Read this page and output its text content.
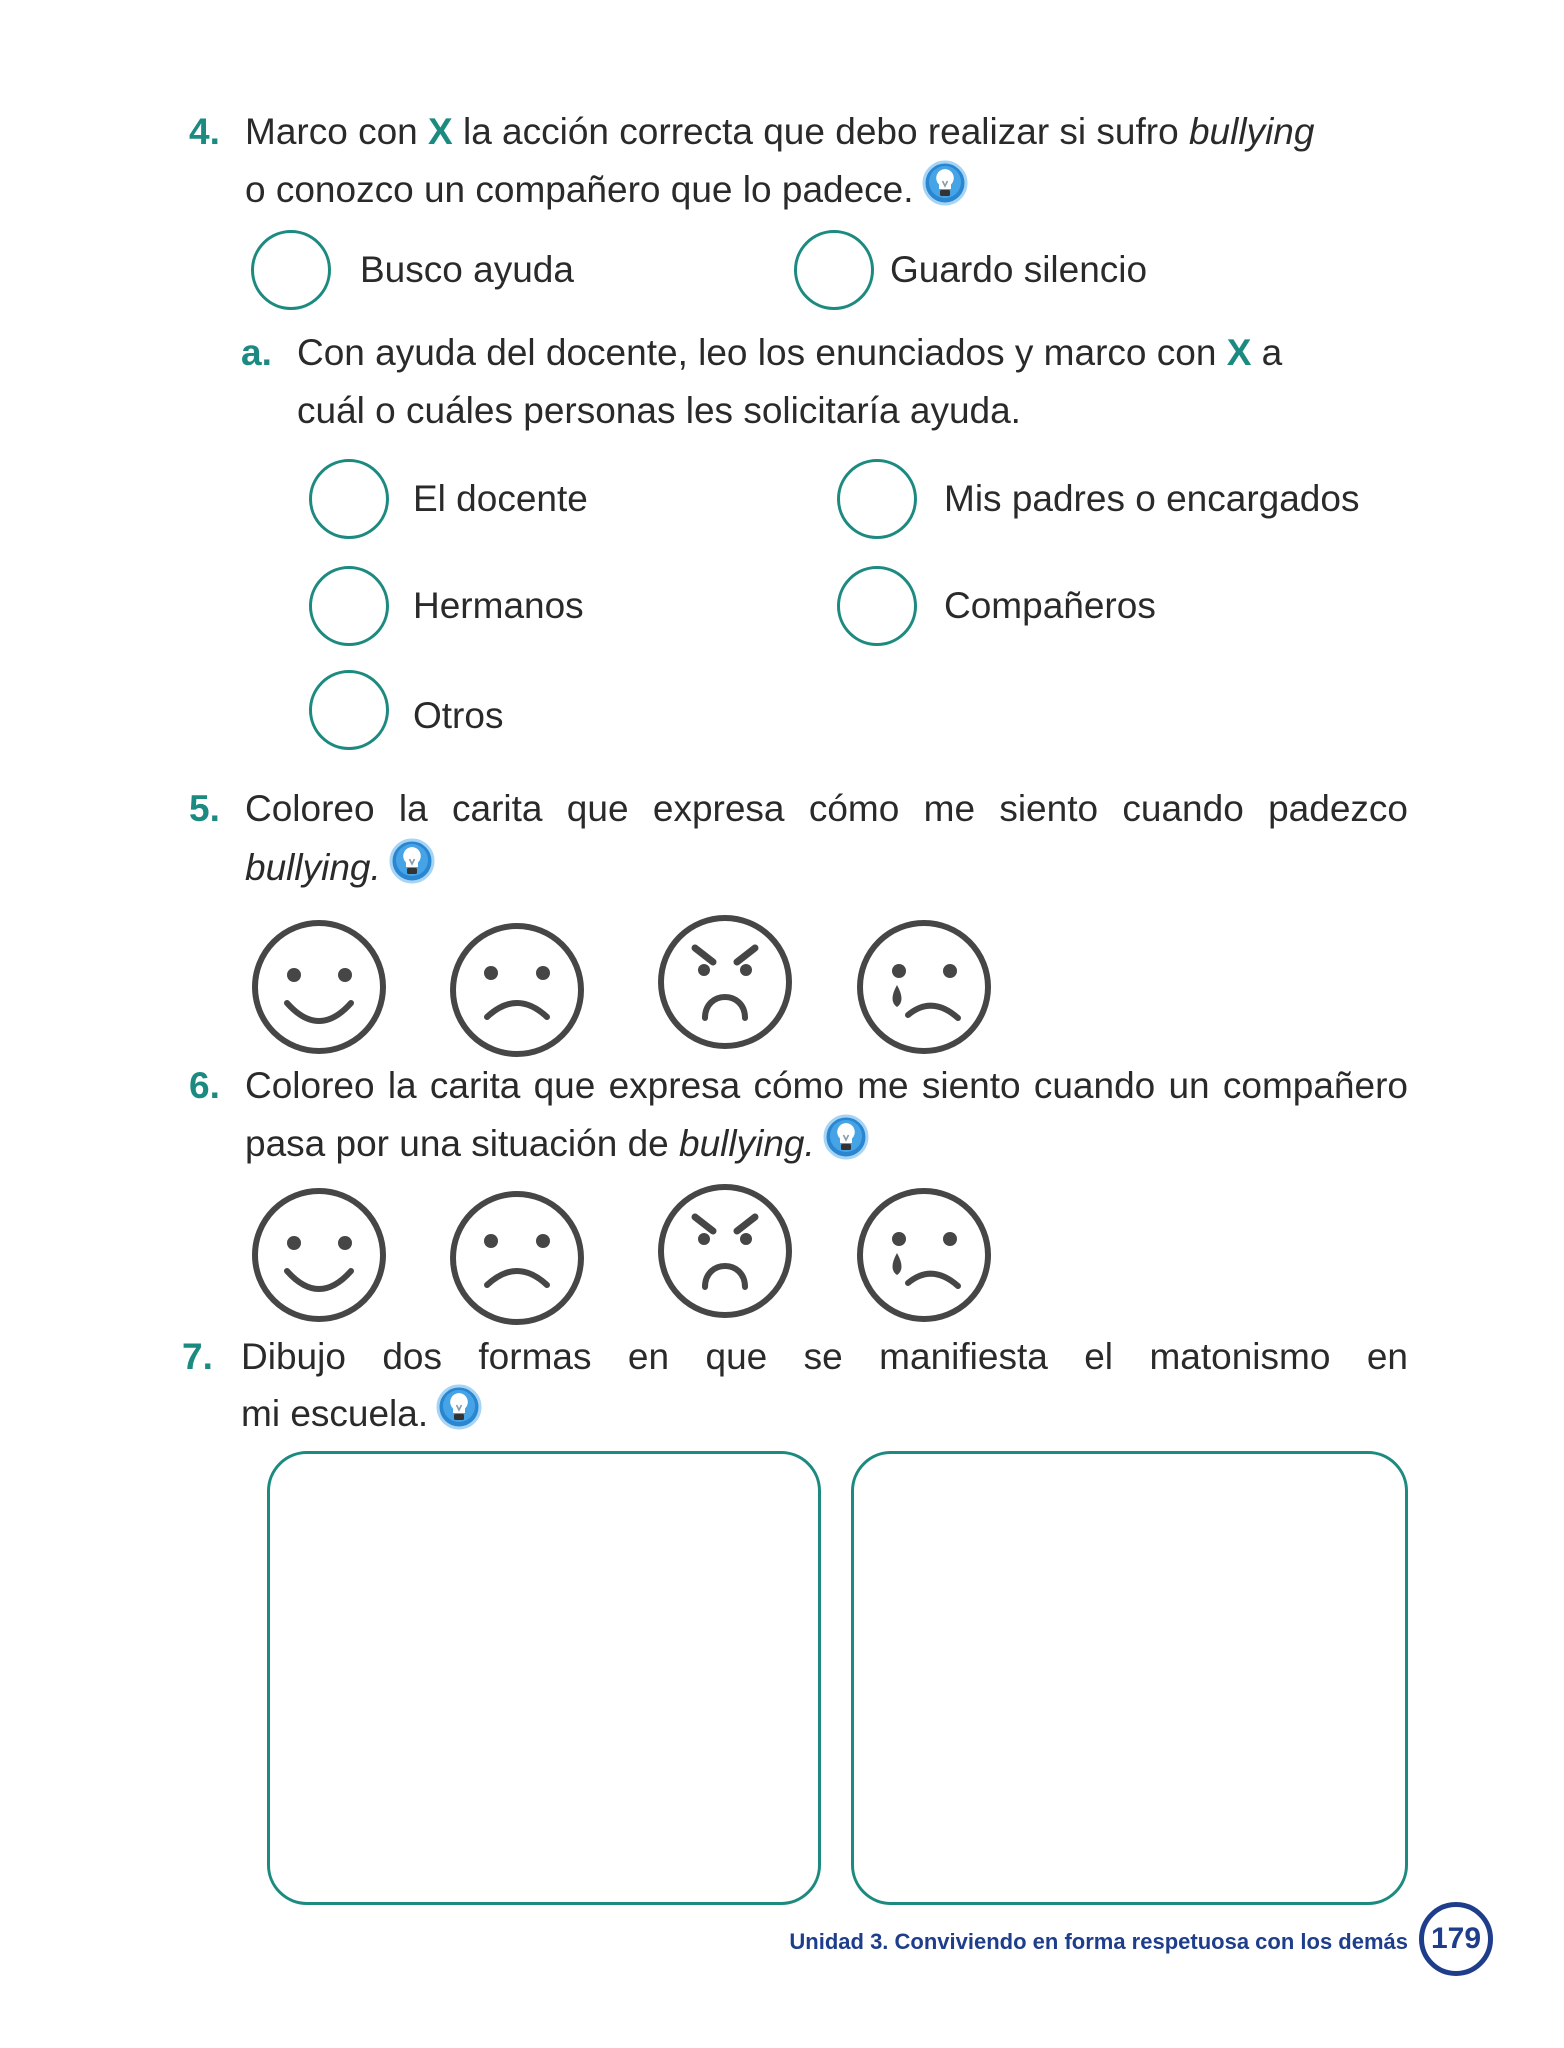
4. Marco con X la acción correcta que debo realizar si sufro bullying
o conozco un compañero que lo padece.
Busco ayuda	Guardo silencio
a. Con ayuda del docente, leo los enunciados y marco con X a
cuál o cuáles personas les solicitaría ayuda.
El docente	Mis padres o encargados
Hermanos	Compañeros
Otros
5. Coloreo la carita que expresa cómo me siento cuando padezco
bullying.
6. Coloreo la carita que expresa cómo me siento cuando un compañero
pasa por una situación de bullying.
7. Dibujo dos formas en que se manifiesta el matonismo en
mi escuela.
Unidad 3. Conviviendo en forma respetuosa con los demás 179
